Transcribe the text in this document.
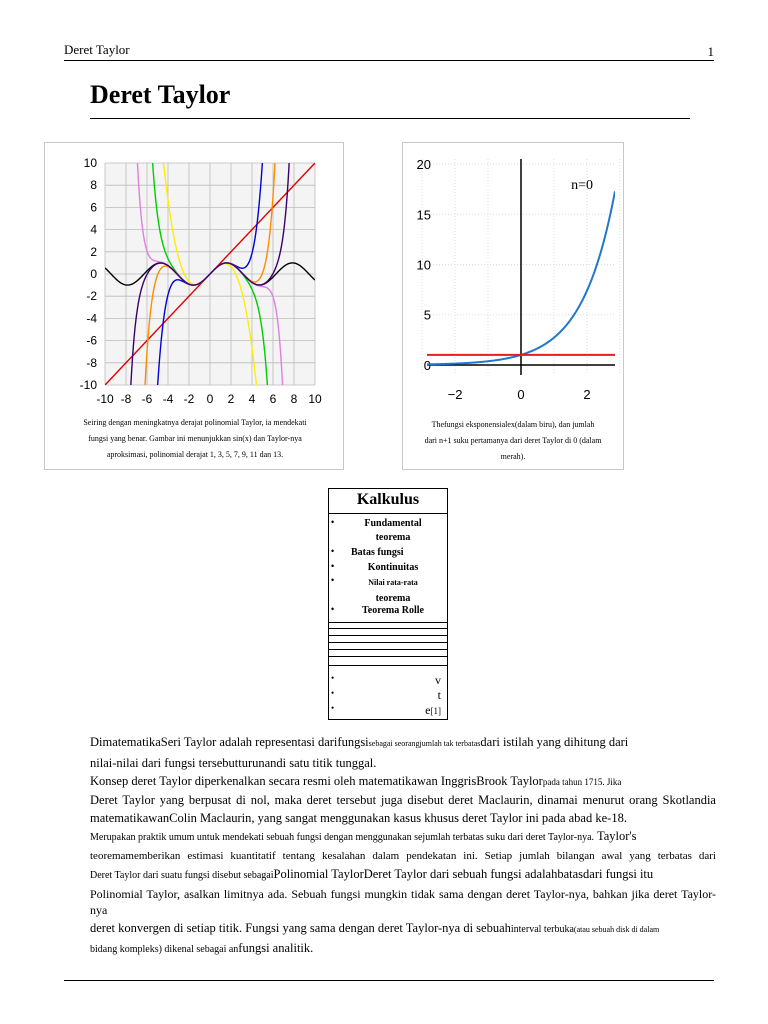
Deret Taylor	1
Deret Taylor
-10 -8 -6 -4 -2 0 2 4 6 8 10
10
8
6
4
2
0
-2
-4
-6
-8
-10
Seiring dengan meningkatnya derajat polinomial Taylor, ia mendekati
fungsi yang benar. Gambar ini menunjukkan sin(x) dan Taylor-nya
aproksimasi, polinomial derajat 1, 3, 5, 7, 9, 11 dan 13.
20
15
10
5
0
−2	0	2
n=0
Thefungsi eksponensialex(dalam biru), dan jumlah
dari n+1 suku pertamanya dari deret Taylor di 0 (dalam
merah).
Kalkulus
•	Fundamental
teorema
•	Batas fungsi
•	Kontinuitas
•	Nilai rata-rata
teorema
•	Teorema Rolle
•	v
•	t
•	e[1]
DimatematikaSeri Taylor adalah representasi darifungsisebagai seorangjumlah tak terbatasdari istilah yang dihitung dari
nilai-nilai dari fungsi tersebutturunandi satu titik tunggal.
Konsep deret Taylor diperkenalkan secara resmi oleh matematikawan InggrisBrook Taylorpada tahun 1715. Jika
Deret Taylor yang berpusat di nol, maka deret tersebut juga disebut deret Maclaurin, dinamai menurut orang Skotlandia
matematikawanColin Maclaurin, yang sangat menggunakan kasus khusus deret Taylor ini pada abad ke-18.
Merupakan praktik umum untuk mendekati sebuah fungsi dengan menggunakan sejumlah terbatas suku dari deret Taylor-nya. Taylor's
teoremamemberikan estimasi kuantitatif tentang kesalahan dalam pendekatan ini. Setiap jumlah bilangan awal yang terbatas dari
Deret Taylor dari suatu fungsi disebut sebagaiPolinomial TaylorDeret Taylor dari sebuah fungsi adalahbatasdari fungsi itu
Polinomial Taylor, asalkan limitnya ada. Sebuah fungsi mungkin tidak sama dengan deret Taylor-nya, bahkan jika deret Taylor-nya
deret konvergen di setiap titik. Fungsi yang sama dengan deret Taylor-nya di sebuahinterval terbuka(atau sebuah disk di dalam
bidang kompleks) dikenal sebagai anfungsi analitik.
